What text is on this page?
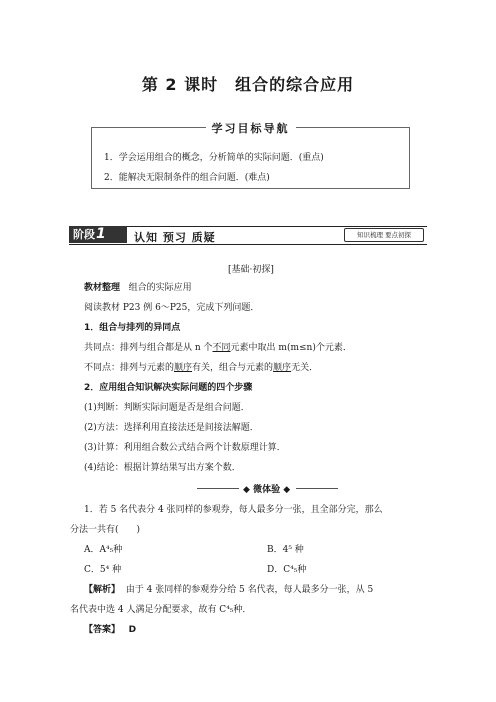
第 2 课时　组合的综合应用
学习目标导航
1．学会运用组合的概念，分析简单的实际问题．(重点)
2．能解决无限制条件的组合问题．(难点)
阶段1	认知 预习 质疑	知识梳理 要点初探
[基础·初探]
教材整理 组合的实际应用
阅读教材 P23 例 6～P25，完成下列问题．
1．组合与排列的异同点
共同点：排列与组合都是从 n 个不同元素中取出 m(m≤n)个元素．
不同点：排列与元素的顺序有关，组合与元素的顺序无关．
2．应用组合知识解决实际问题的四个步骤
(1)判断：判断实际问题是否是组合问题．
(2)方法：选择利用直接法还是间接法解题．
(3)计算：利用组合数公式结合两个计数原理计算．
(4)结论：根据计算结果写出方案个数．
◆ 微体验 ◆
1．若 5 名代表分 4 张同样的参观券，每人最多分一张，且全部分完，那么
分法一共有(　　)
A．A⁴₅种	B．4⁵ 种
C．5⁴ 种	D．C⁴₅种
【解析】 由于 4 张同样的参观券分给 5 名代表，每人最多分一张，从 5
名代表中选 4 人满足分配要求，故有 C⁴₅种．
【答案】 D
